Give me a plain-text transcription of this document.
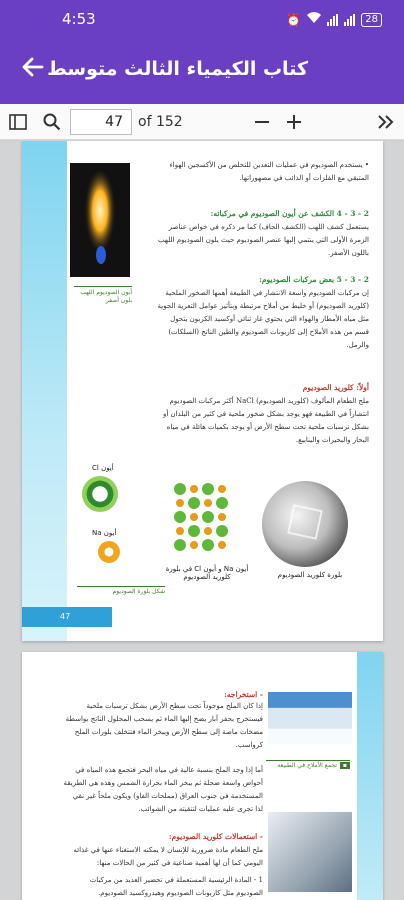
4:53	⏰	28
كتاب الكيمياء الثالث متوسط
47
of 152
أيون الصوديوم اللهب بلون أصفر
• يستخدم الصوديوم في عمليات التعدين للتخلص من الأكسجين الهواء المتبقي مع الفلزات أو الذائب في مصهوراتها.
2 - 3 - 4 الكشف عن أيون الصوديوم في مركباته:
يستعمل كشف اللهب (الكشف الجاف) كما مر ذكره في خواص عناصر الزمرة الأولى التي ينتمي إليها عنصر الصوديوم حيث يلون الصوديوم اللهب باللون الأصفر.
2 - 3 - 5 بعض مركبات الصوديوم:
إن مركبات الصوديوم واسعة الانتشار في الطبيعة أهمها الصخور الملحية (كلوريد الصوديوم) أو خليط من أملاح مرتبطة وبتأثير عوامل التعرية الجوية مثل مياه الأمطار والهواء التي يحتوي غاز ثنائي أوكسيد الكربون يتحول قسم من هذه الأملاح إلى كاربونات الصوديوم والطين الناتج (السلكات) والرمل.
أولاً: كلوريد الصوديوم
ملح الطعام المألوف (كلوريد الصوديوم) NaCl أكثر مركبات الصوديوم انتشاراً في الطبيعة فهو يوجد بشكل صخور ملحية في كثير من البلدان أو بشكل ترسبات ملحية تحت سطح الأرض أو يوجد بكميات هائلة في مياه البحار والبحيرات والينابيع.
أيون Cl
أيون Na
أيون Na و أيون Cl في بلورة كلوريد الصوديوم	بلورة كلوريد الصوديوم
شكل بلورة الصوديوم
47
▪تجمع الأملاح في الطبيعة
- استخراجه:
إذا كان الملح موجوداً تحت سطح الأرض بشكل ترسبات ملحية فيستخرج بحفر آبار يضخ إليها الماء ثم يسحب المحلول الناتج بواسطة مضخات ماصة إلى سطح الأرض ويبخر الماء فتتخلف بلورات الملح كرواسب.
أما إذا وجد الملح بنسبة عالية في مياه البحر فتجمع هذه المياه في أحواض واسعة ضحلة ثم يبخر الماء بحرارة الشمس وهذه هي الطريقة المستخدمة في جنوب العراق (مملحات الفاو) ويكون ملحاً غير نقي لذا تجرى عليه عمليات لتنقيته من الشوائب.
- استعمالات كلوريد الصوديوم:
ملح الطعام مادة ضرورية للإنسان لا يمكنه الاستغناء عنها في غذائه اليومي كما أن لها أهمية صناعية في كثير من الحالات منها:
1 - المادة الرئيسية المستعملة في تحضير العديد من مركبات الصوديوم مثل كاربونات الصوديوم وهيدروكسيد الصوديوم.
